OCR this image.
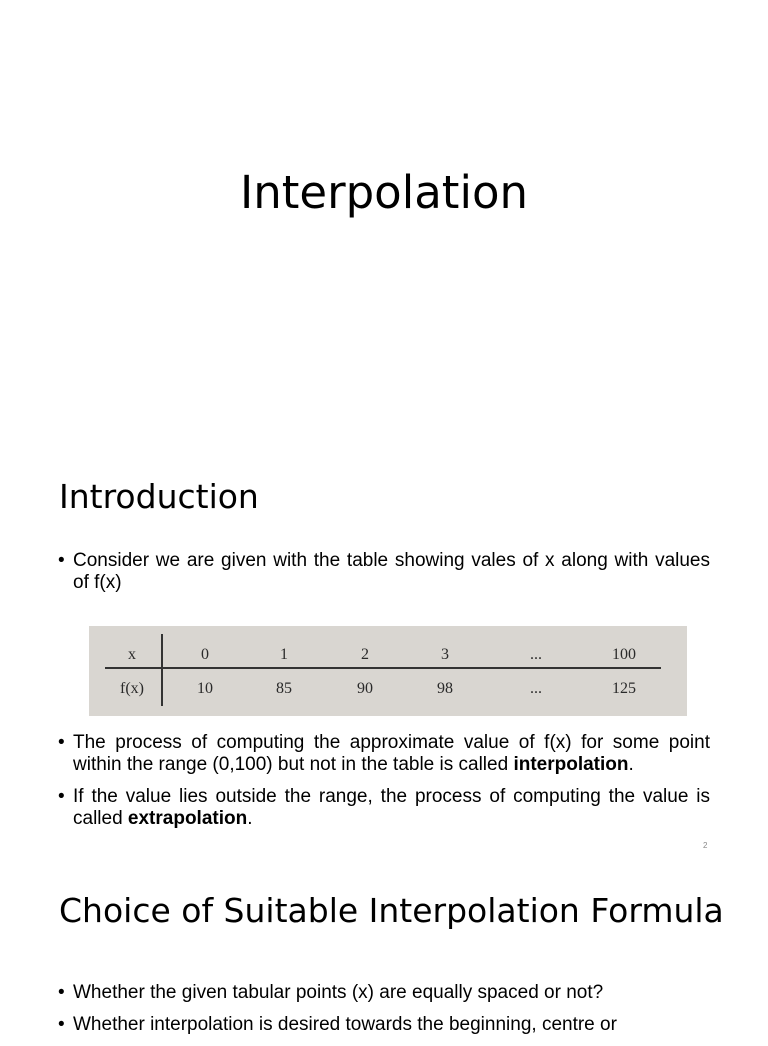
Interpolation
Introduction
• Consider we are given with the table showing vales of x along with values of f(x)
x	0	1	2	3	...	100
f(x)	10	85	90	98	...	125
• The process of computing the approximate value of f(x) for some point within the range (0,100) but not in the table is called interpolation.
• If the value lies outside the range, the process of computing the value is called extrapolation.
2
Choice of Suitable Interpolation Formula
• Whether the given tabular points (x) are equally spaced or not?
• Whether interpolation is desired towards the beginning, centre or
